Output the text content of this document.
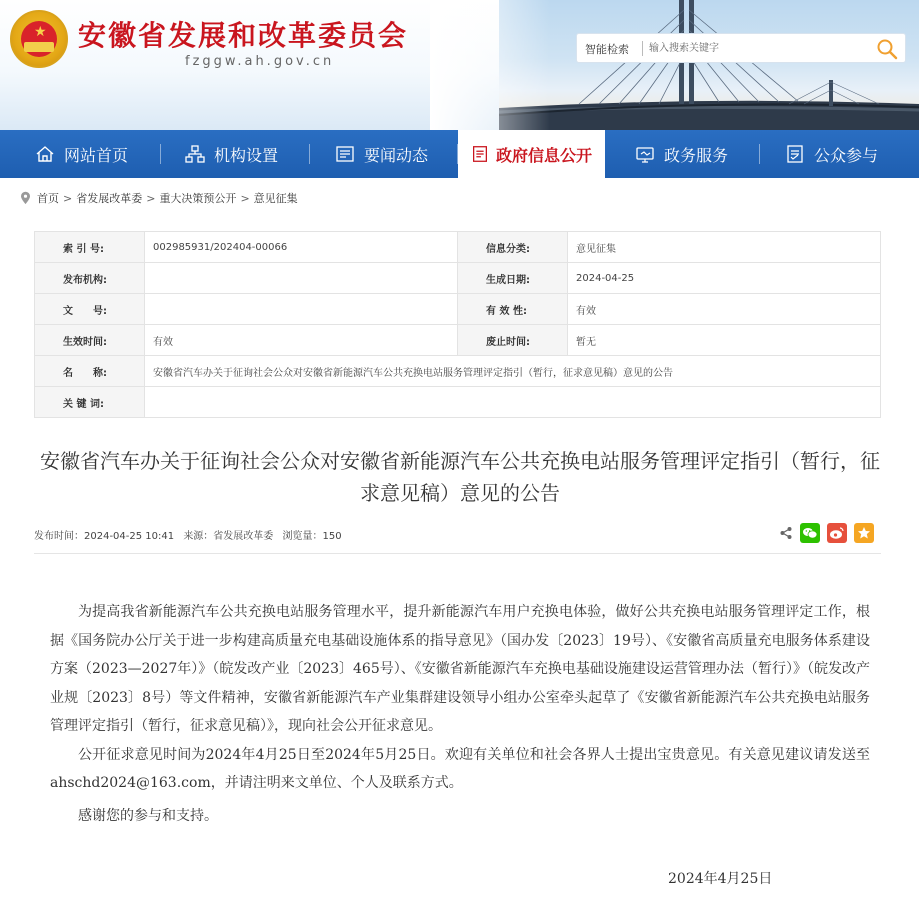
★ 安徽省发展和改革委员会
fzggw.ah.gov.cn
智能检索
输入搜索关键字
网站首页	机构设置	要闻动态	政府信息公开	政务服务	公众参与
首页 > 省发展改革委 > 重大决策预公开 > 意见征集
索 引 号:	002985931/202404-00066	信息分类:	意见征集
发布机构:		生成日期:	2024-04-25
文　　号:		有 效 性:	有效
生效时间:	有效	废止时间:	暂无
名　　称:	安徽省汽车办关于征询社会公众对安徽省新能源汽车公共充换电站服务管理评定指引（暂行，征求意见稿）意见的公告		
关 键 词:			
安徽省汽车办关于征询社会公众对安徽省新能源汽车公共充换电站服务管理评定指引（暂行，征求意见稿）意见的公告
发布时间：2024-04-25 10:41 来源：省发展改革委 浏览量：150

为提高我省新能源汽车公共充换电站服务管理水平，提升新能源汽车用户充换电体验，做好公共充换电站服务管理评定工作，根据《国务院办公厅关于进一步构建高质量充电基础设施体系的指导意见》（国办发〔2023〕19号）、《安徽省高质量充电服务体系建设方案（2023—2027年）》（皖发改产业〔2023〕465号）、《安徽省新能源汽车充换电基础设施建设运营管理办法（暂行）》（皖发改产业规〔2023〕8号）等文件精神，安徽省新能源汽车产业集群建设领导小组办公室牵头起草了《安徽省新能源汽车公共充换电站服务管理评定指引（暂行，征求意见稿）》，现向社会公开征求意见。

公开征求意见时间为2024年4月25日至2024年5月25日。欢迎有关单位和社会各界人士提出宝贵意见。有关意见建议请发送至ahschd2024@163.com，并请注明来文单位、个人及联系方式。

感谢您的参与和支持。

2024年4月25日
